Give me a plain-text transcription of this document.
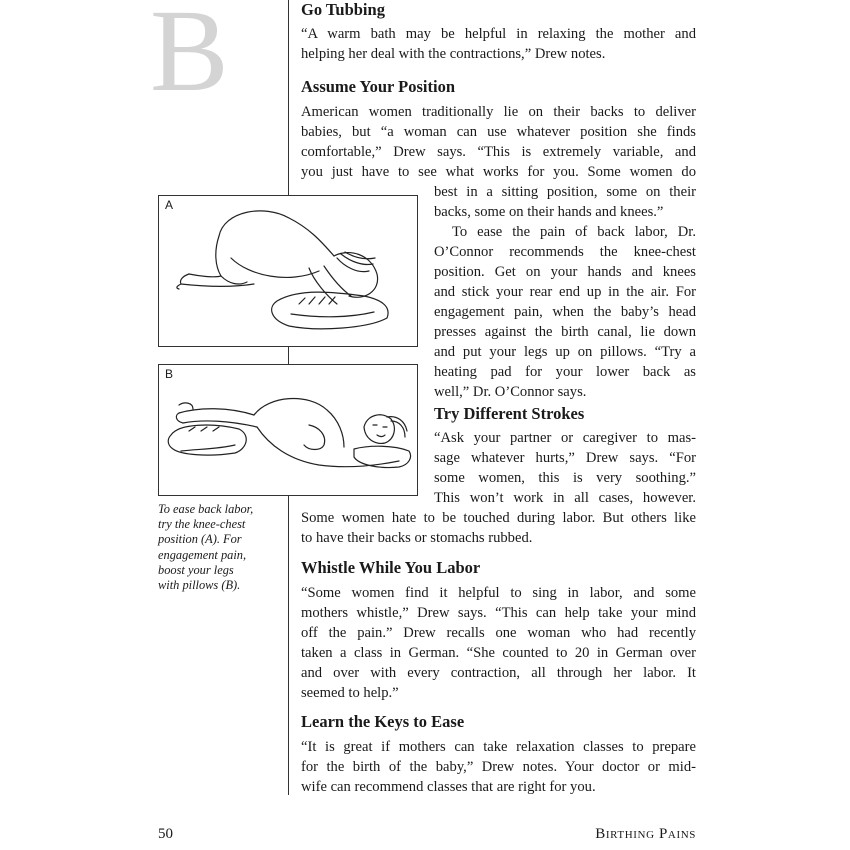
B	Go Tubbing
“A warm bath may be helpful in relaxing the mother and
helping her deal with the contractions,” Drew notes.
Assume Your Position
American women traditionally lie on their backs to deliver
babies, but “a woman can use whatever position she finds
comfortable,” Drew says. “This is extremely variable, and
you just have to see what works for you. Some women do
best in a sitting position, some on their
backs, some on their hands and knees.”
To ease the pain of back labor, Dr.
O’Connor recommends the knee-chest
position. Get on your hands and knees
and stick your rear end up in the air. For
engagement pain, when the baby’s head
presses against the birth canal, lie down
and put your legs up on pillows. “Try a
heating pad for your lower back as
well,” Dr. O’Connor says.
Try Different Strokes
“Ask your partner or caregiver to mas-
sage whatever hurts,” Drew says. “For
some women, this is very soothing.”
This won’t work in all cases, however.
Some women hate to be touched during labor. But others like
to have their backs or stomachs rubbed.
Whistle While You Labor
“Some women find it helpful to sing in labor, and some
mothers whistle,” Drew says. “This can help take your mind
off the pain.” Drew recalls one woman who had recently
taken a class in German. “She counted to 20 in German over
and over with every contraction, all through her labor. It
seemed to help.”
Learn the Keys to Ease
“It is great if mothers can take relaxation classes to prepare
for the birth of the baby,” Drew notes. Your doctor or mid-
wife can recommend classes that are right for you.
A
B
To ease back labor,
try the knee-chest
position (A). For
engagement pain,
boost your legs
with pillows (B).
50	Birthing Pains
